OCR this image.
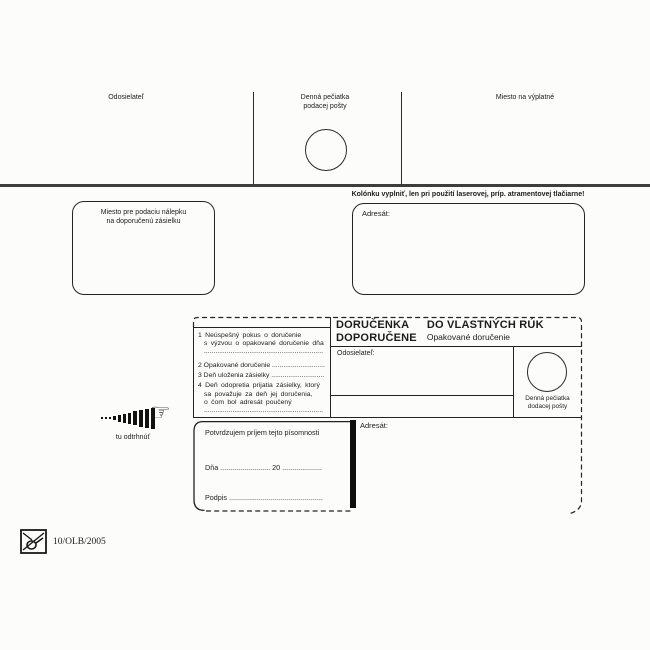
Odosielateľ	Denná pečiatka
podacej pošty
Miesto na výplatné
Miesto pre podaciu nálepku
na doporučenú zásielku
Kolónku vyplniť, len pri použití laserovej, príp. atramentovej tlačiarne!
Adresát:
1 Neúspešný pokus o doručenie
s výzvou o opakované doručenie dňa
...............................................................
2 Opakované doručenie ............................
3 Deň uloženia zásielky ............................
4 Deň odopretia prijatia zásielky, ktorý
sa považuje za deň jej doručenia,
o čom bol adresát poučený
...............................................................
DORUČENKA
DOPORUČENE
DO VLASTNÝCH RÚK
Opakované doručenie
Odosielateľ:
Denná pečiatka
dodacej pošty
Adresát:
Potvrdzujem príjem tejto písomnosti
Dňa ......................... 20 ....................
Podpis ...............................................
☞
tu odtrhnúť
10/OLB/2005
